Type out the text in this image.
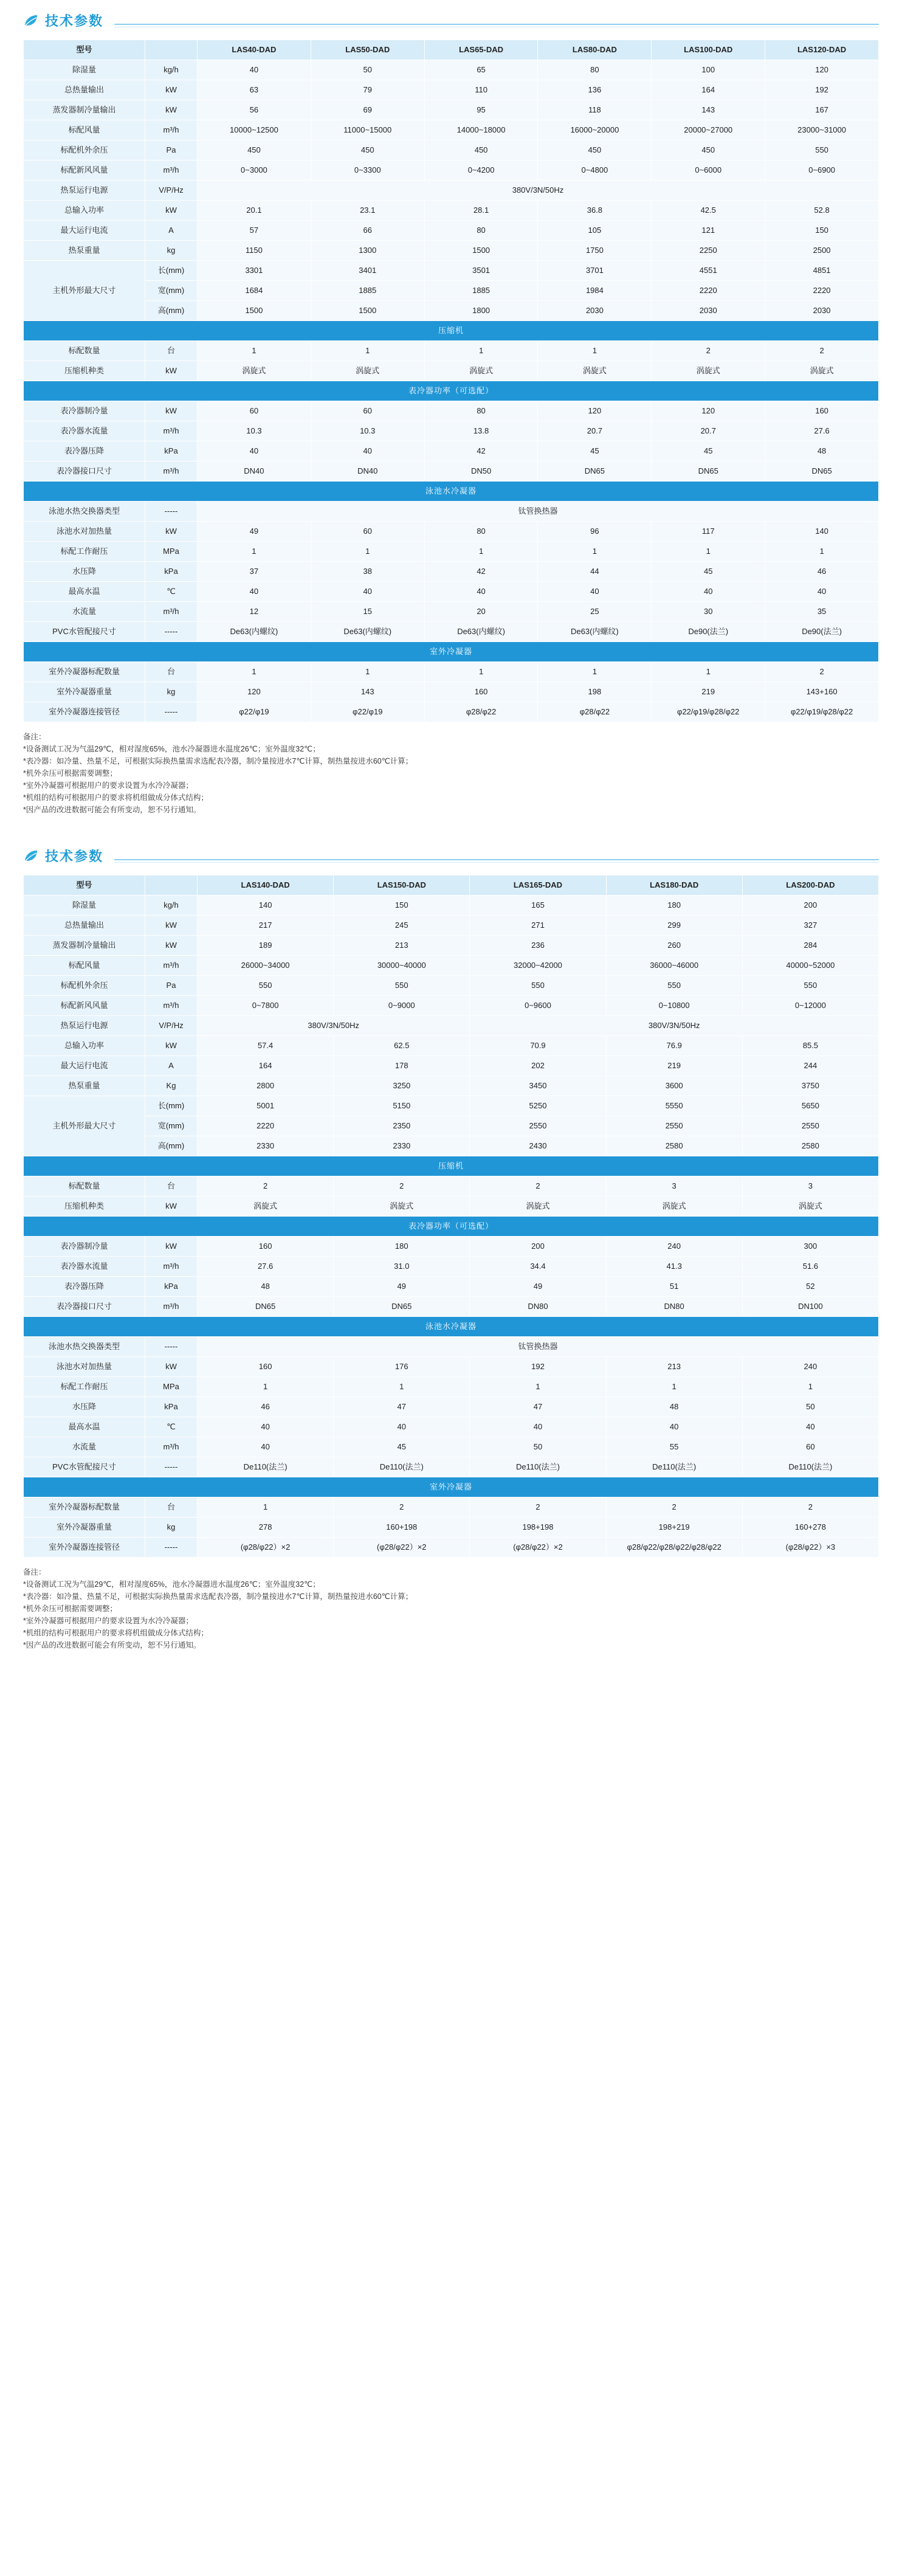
技术参数
型号		LAS40-DAD	LAS50-DAD	LAS65-DAD	LAS80-DAD	LAS100-DAD	LAS120-DAD
除湿量	kg/h	40	50	65	80	100	120
总热量输出	kW	63	79	110	136	164	192
蒸发器制冷量输出	kW	56	69	95	118	143	167
标配风量	m³/h	10000~12500	11000~15000	14000~18000	16000~20000	20000~27000	23000~31000
标配机外余压	Pa	450	450	450	450	450	550
标配新风风量	m³/h	0~3000	0~3300	0~4200	0~4800	0~6000	0~6900
热泵运行电源	V/P/Hz	380V/3N/50Hz					
总输入功率	kW	20.1	23.1	28.1	36.8	42.5	52.8
最大运行电流	A	57	66	80	105	121	150
热泵重量	kg	1150	1300	1500	1750	2250	2500
主机外形最大尺寸	长(mm)	3301	3401	3501	3701	4551	4851
	宽(mm)	1684	1885	1885	1984	2220	2220
	高(mm)	1500	1500	1800	2030	2030	2030
压缩机							
标配数量	台	1	1	1	1	2	2
压缩机种类	kW	涡旋式	涡旋式	涡旋式	涡旋式	涡旋式	涡旋式
表冷器功率（可选配）							
表冷器制冷量	kW	60	60	80	120	120	160
表冷器水流量	m³/h	10.3	10.3	13.8	20.7	20.7	27.6
表冷器压降	kPa	40	40	42	45	45	48
表冷器接口尺寸	m³/h	DN40	DN40	DN50	DN65	DN65	DN65
泳池水冷凝器							
泳池水热交换器类型	-----	钛管换热器					
泳池水对加热量	kW	49	60	80	96	117	140
标配工作耐压	MPa	1	1	1	1	1	1
水压降	kPa	37	38	42	44	45	46
最高水温	℃	40	40	40	40	40	40
水流量	m³/h	12	15	20	25	30	35
PVC水管配接尺寸	-----	De63(内螺纹)	De63(内螺纹)	De63(内螺纹)	De63(内螺纹)	De90(法兰)	De90(法兰)
室外冷凝器							
室外冷凝器标配数量	台	1	1	1	1	1	2
室外冷凝器重量	kg	120	143	160	198	219	143+160
室外冷凝器连接管径	-----	φ22/φ19	φ22/φ19	φ28/φ22	φ28/φ22	φ22/φ19/φ28/φ22	φ22/φ19/φ28/φ22
备注：
*设备测试工况为气温29℃，相对湿度65%，池水冷凝器进水温度26℃；室外温度32℃；
*表冷器：如冷量、热量不足，可根据实际换热量需求选配表冷器，制冷量按进水7℃计算，制热量按进水60℃计算；
*机外余压可根据需要调整；
*室外冷凝器可根据用户的要求设置为水冷冷凝器；
*机组的结构可根据用户的要求将机组做成分体式结构；
*因产品的改进数据可能会有所变动，恕不另行通知。
技术参数
型号		LAS140-DAD	LAS150-DAD	LAS165-DAD	LAS180-DAD	LAS200-DAD
除湿量	kg/h	140	150	165	180	200
总热量输出	kW	217	245	271	299	327
蒸发器制冷量输出	kW	189	213	236	260	284
标配风量	m³/h	26000~34000	30000~40000	32000~42000	36000~46000	40000~52000
标配机外余压	Pa	550	550	550	550	550
标配新风风量	m³/h	0~7800	0~9000	0~9600	0~10800	0~12000
热泵运行电源	V/P/Hz	380V/3N/50Hz		380V/3N/50Hz		
总输入功率	kW	57.4	62.5	70.9	76.9	85.5
最大运行电流	A	164	178	202	219	244
热泵重量	Kg	2800	3250	3450	3600	3750
主机外形最大尺寸	长(mm)	5001	5150	5250	5550	5650
	宽(mm)	2220	2350	2550	2550	2550
	高(mm)	2330	2330	2430	2580	2580
压缩机						
标配数量	台	2	2	2	3	3
压缩机种类	kW	涡旋式	涡旋式	涡旋式	涡旋式	涡旋式
表冷器功率（可选配）						
表冷器制冷量	kW	160	180	200	240	300
表冷器水流量	m³/h	27.6	31.0	34.4	41.3	51.6
表冷器压降	kPa	48	49	49	51	52
表冷器接口尺寸	m³/h	DN65	DN65	DN80	DN80	DN100
泳池水冷凝器						
泳池水热交换器类型	-----	钛管换热器				
泳池水对加热量	kW	160	176	192	213	240
标配工作耐压	MPa	1	1	1	1	1
水压降	kPa	46	47	47	48	50
最高水温	℃	40	40	40	40	40
水流量	m³/h	40	45	50	55	60
PVC水管配接尺寸	-----	De110(法兰)	De110(法兰)	De110(法兰)	De110(法兰)	De110(法兰)
室外冷凝器						
室外冷凝器标配数量	台	1	2	2	2	2
室外冷凝器重量	kg	278	160+198	198+198	198+219	160+278
室外冷凝器连接管径	-----	(φ28/φ22）×2	(φ28/φ22）×2	(φ28/φ22）×2	φ28/φ22/φ28/φ22/φ28/φ22	(φ28/φ22）×3
备注：
*设备测试工况为气温29℃，相对湿度65%，池水冷凝器进水温度26℃；室外温度32℃；
*表冷器：如冷量、热量不足，可根据实际换热量需求选配表冷器，制冷量按进水7℃计算，制热量按进水60℃计算；
*机外余压可根据需要调整；
*室外冷凝器可根据用户的要求设置为水冷冷凝器；
*机组的结构可根据用户的要求将机组做成分体式结构；
*因产品的改进数据可能会有所变动，恕不另行通知。
